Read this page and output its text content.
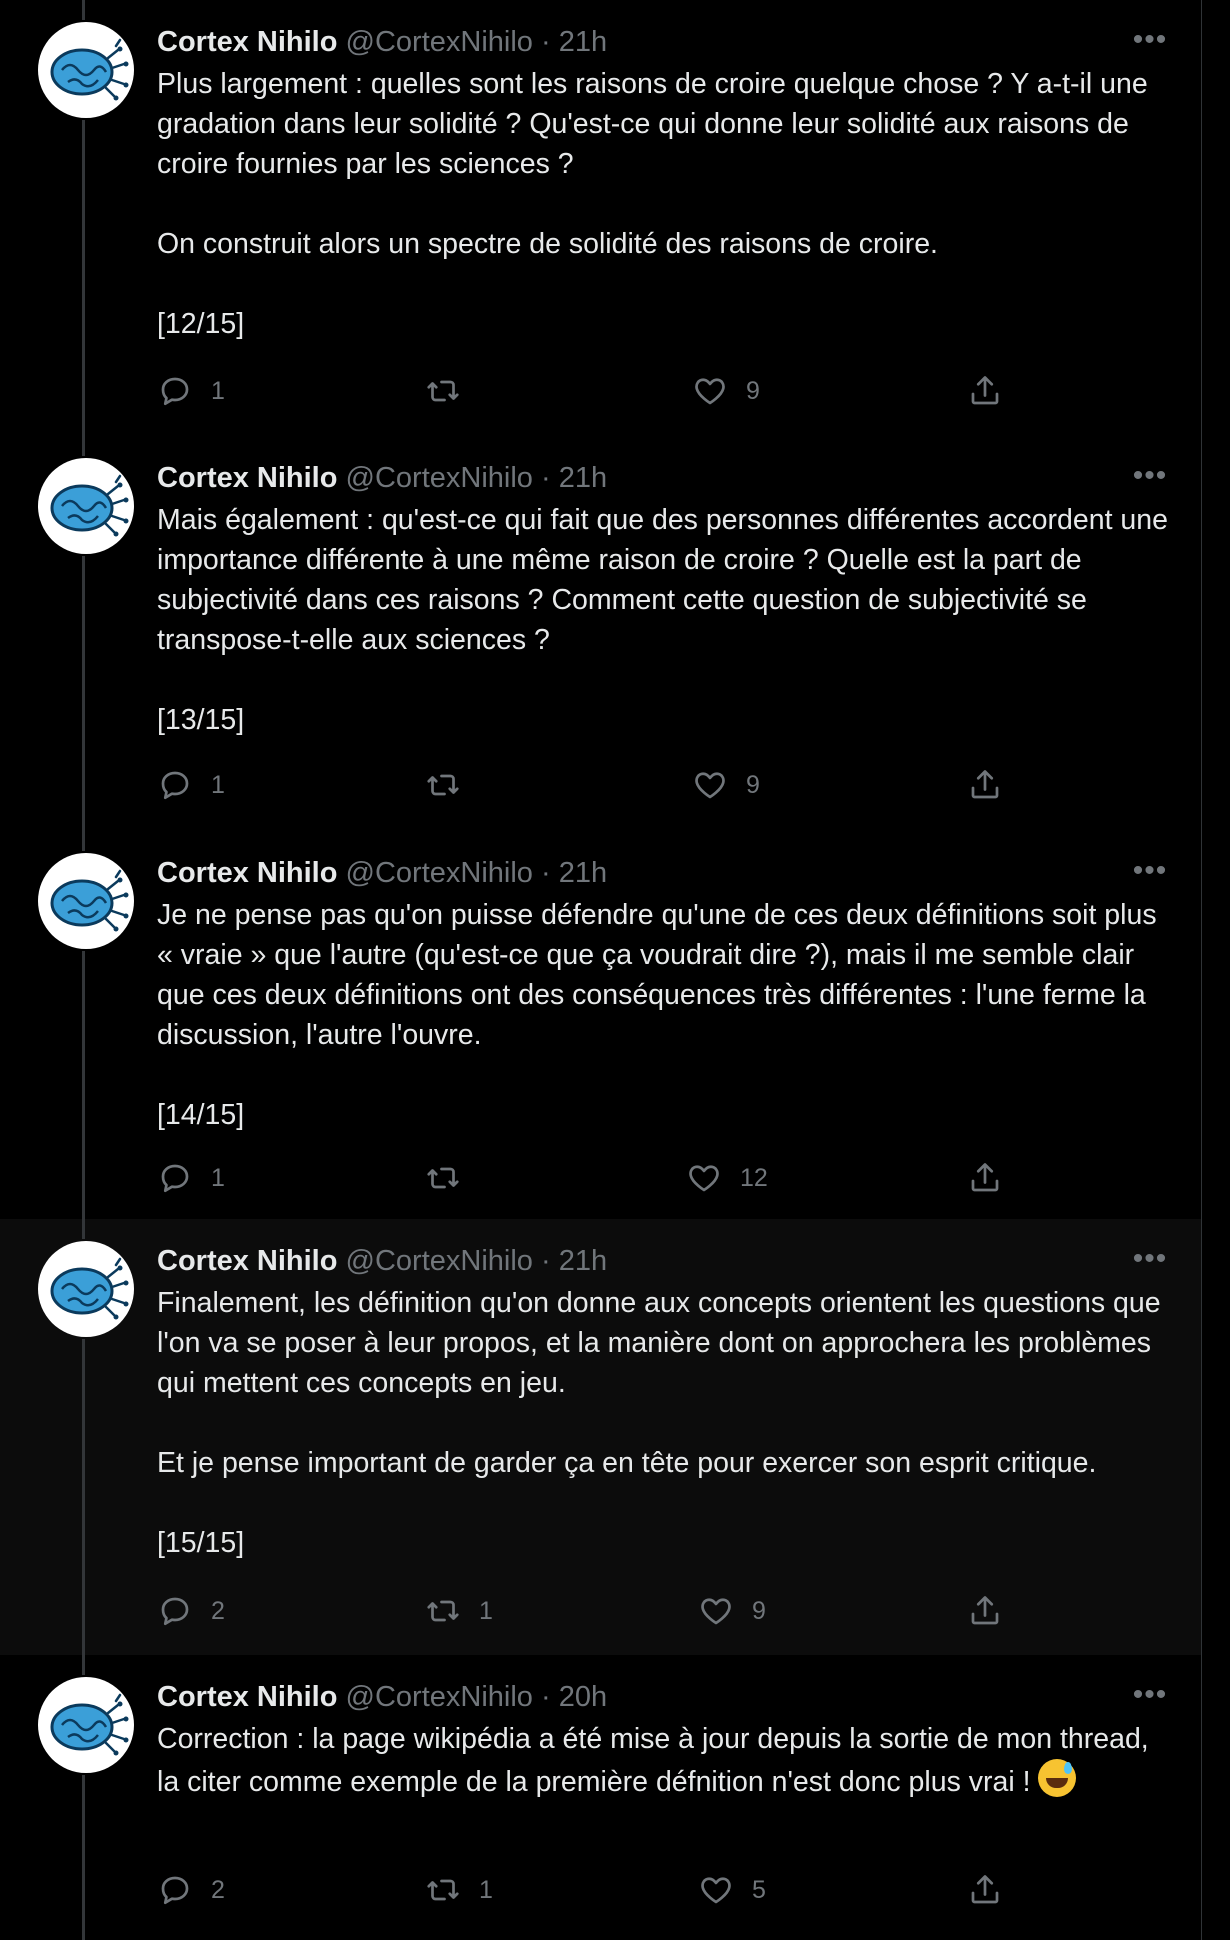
Cortex Nihilo @CortexNihilo · 21h	•••

Plus largement : quelles sont les raisons de croire quelque chose ? Y a-t-il une gradation dans leur solidité ? Qu'est-ce qui donne leur solidité aux raisons de croire fournies par les sciences ?

On construit alors un spectre de solidité des raisons de croire.

[12/15]

1	9
Cortex Nihilo @CortexNihilo · 21h	•••

Mais également : qu'est-ce qui fait que des personnes différentes accordent une importance différente à une même raison de croire ? Quelle est la part de subjectivité dans ces raisons ? Comment cette question de subjectivité se transpose-t-elle aux sciences ?

[13/15]

1	9
Cortex Nihilo @CortexNihilo · 21h	•••

Je ne pense pas qu'on puisse défendre qu'une de ces deux définitions soit plus « vraie » que l'autre (qu'est-ce que ça voudrait dire ?), mais il me semble clair que ces deux définitions ont des conséquences très différentes : l'une ferme la discussion, l'autre l'ouvre.

[14/15]

1	12
Cortex Nihilo @CortexNihilo · 21h	•••

Finalement, les définition qu'on donne aux concepts orientent les questions que l'on va se poser à leur propos, et la manière dont on approchera les problèmes qui mettent ces concepts en jeu.

Et je pense important de garder ça en tête pour exercer son esprit critique.

[15/15]

2	1	9
Cortex Nihilo @CortexNihilo · 20h	•••

Correction : la page wikipédia a été mise à jour depuis la sortie de mon thread, la citer comme exemple de la première défnition n'est donc plus vrai !

2	1	5
